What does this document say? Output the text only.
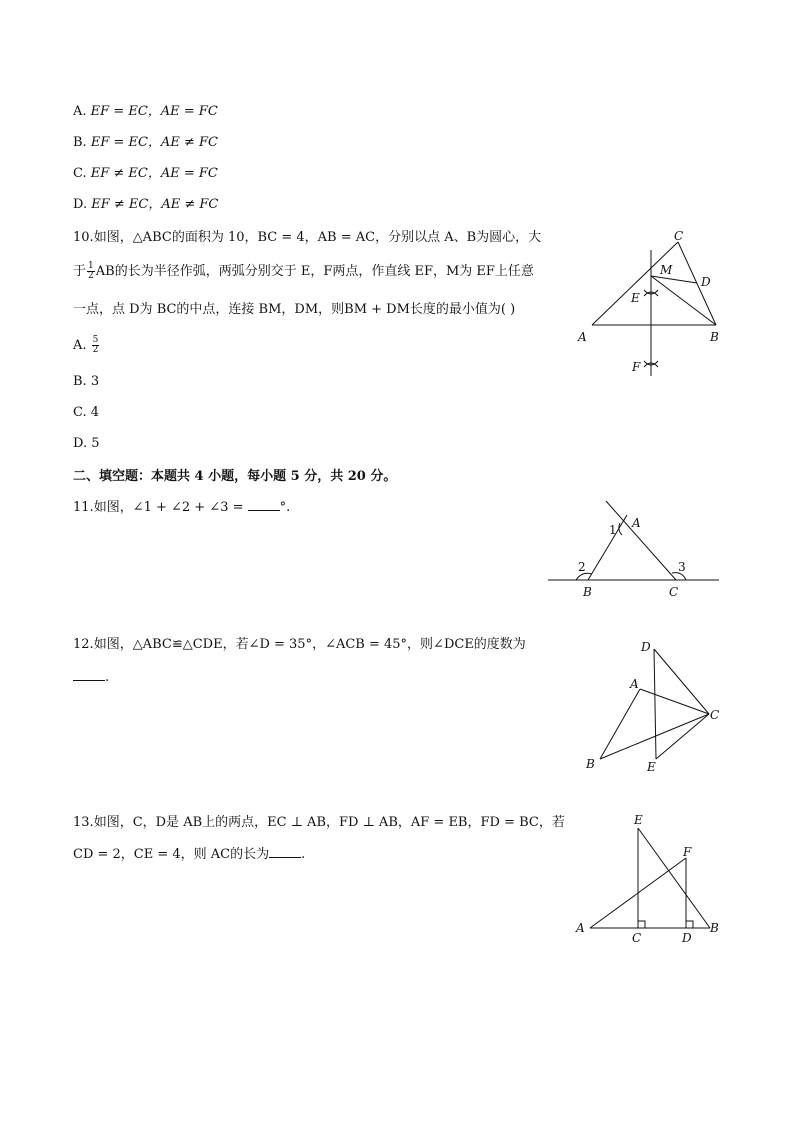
A. EF = EC，AE = FC
B. EF = EC，AE ≠ FC
C. EF ≠ EC，AE = FC
D. EF ≠ EC，AE ≠ FC
10.如图，△ABC的面积为 10，BC = 4，AB = AC，分别以点 A、B为圆心，大
于 $\frac{1}{2}$ AB的长为半径作弧，两弧分别交于 E，F两点，作直线 EF，M为 EF上任意
一点，点 D为 BC的中点，连接 BM，DM，则BM + DM长度的最小值为( )
A. $\frac{5}{2}$
B. 3
C. 4
D. 5
A	B
C
D
E
F
M
二、填空题：本题共 4 小题，每小题 5 分，共 20 分。
11.如图，∠1 + ∠2 + ∠3 = °.
A
B	C
1
2	3
12.如图，△ABC≌△CDE，若∠D = 35°，∠ACB = 45°，则∠DCE的度数为
.
D
A
C
B	E
13.如图，C，D是 AB上的两点，EC ⊥ AB，FD ⊥ AB，AF = EB，FD = BC，若
CD = 2，CE = 4，则 AC的长为 .
A	B
C	D
E
F
